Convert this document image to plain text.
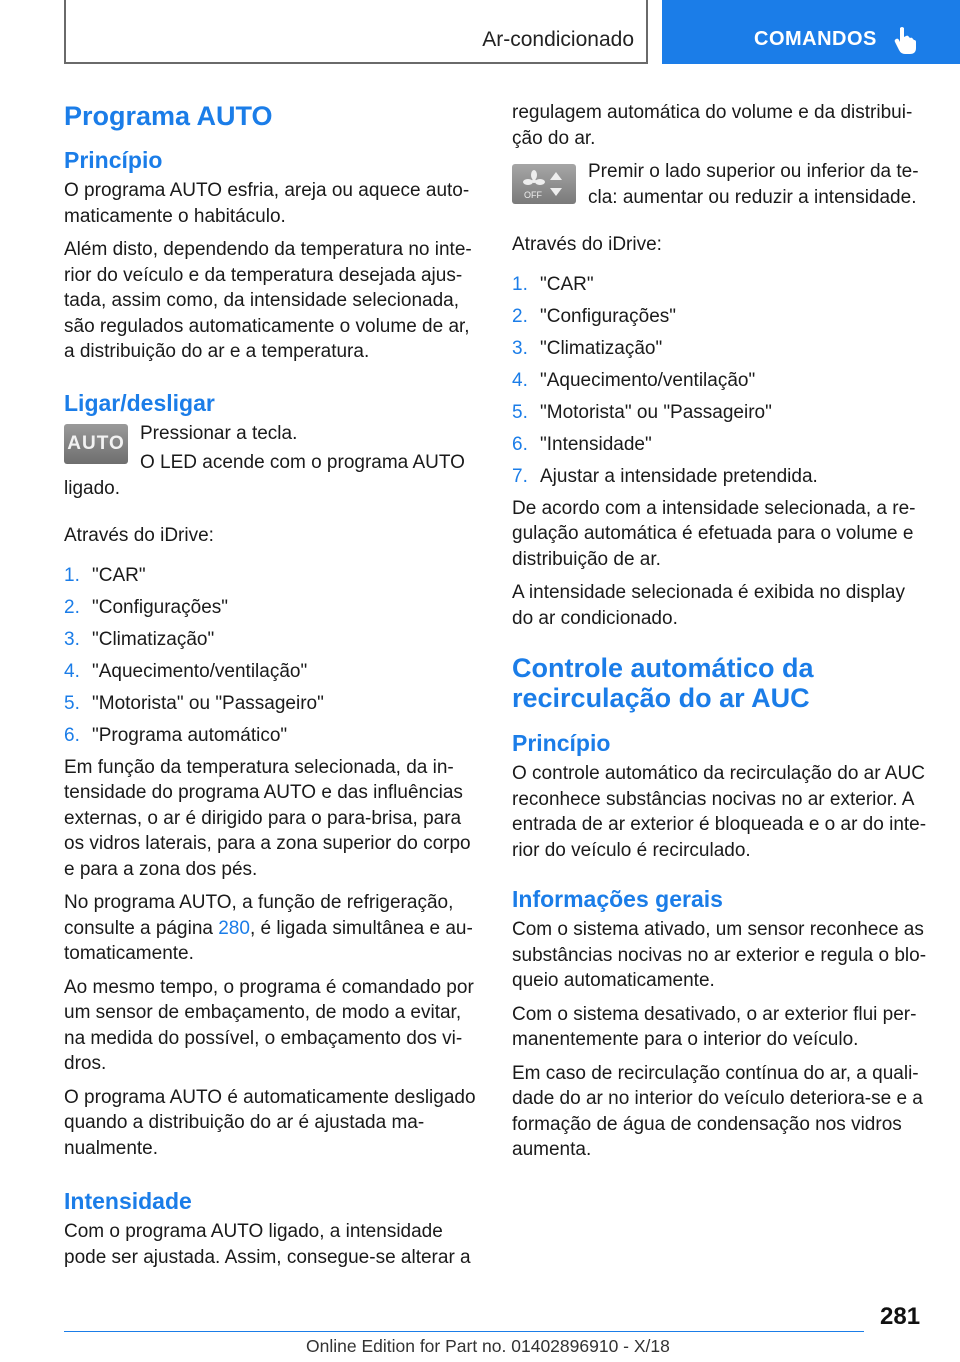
Ar-condicionado	COMANDOS
Programa AUTO
Princípio

O programa AUTO esfria, areja ou aquece automaticamente o habitáculo.

Além disto, dependendo da temperatura no interior do veículo e da temperatura desejada ajustada, assim como, da intensidade selecionada, são regulados automaticamente o volume de ar, a distribuição do ar e a temperatura.

Ligar/desligar
AUTO Pressionar a tecla.

O LED acende com o programa AUTO ligado.

Através do iDrive:

1. "CAR"
2. "Configurações"
3. "Climatização"
4. "Aquecimento/ventilação"
5. "Motorista" ou "Passageiro"
6. "Programa automático"

Em função da temperatura selecionada, da intensidade do programa AUTO e das influências externas, o ar é dirigido para o para-brisa, para os vidros laterais, para a zona superior do corpo e para a zona dos pés.

No programa AUTO, a função de refrigeração, consulte a página 280, é ligada simultânea e automaticamente.

Ao mesmo tempo, o programa é comandado por um sensor de embaçamento, de modo a evitar, na medida do possível, o embaçamento dos vidros.

O programa AUTO é automaticamente desligado quando a distribuição do ar é ajustada manualmente.

Intensidade

Com o programa AUTO ligado, a intensidade pode ser ajustada. Assim, consegue-se alterar a

regulagem automática do volume e da distribuição do ar.

OFF

Premir o lado superior ou inferior da tecla: aumentar ou reduzir a intensidade.

Através do iDrive:

1. "CAR"
2. "Configurações"
3. "Climatização"
4. "Aquecimento/ventilação"
5. "Motorista" ou "Passageiro"
6. "Intensidade"
7. Ajustar a intensidade pretendida.

De acordo com a intensidade selecionada, a regulação automática é efetuada para o volume e distribuição de ar.

A intensidade selecionada é exibida no display do ar condicionado.

Controle automático da recirculação do ar AUC
Princípio

O controle automático da recirculação do ar AUC reconhece substâncias nocivas no ar exterior. A entrada de ar exterior é bloqueada e o ar do interior do veículo é recirculado.

Informações gerais

Com o sistema ativado, um sensor reconhece as substâncias nocivas no ar exterior e regula o bloqueio automaticamente.

Com o sistema desativado, o ar exterior flui permanentemente para o interior do veículo.

Em caso de recirculação contínua do ar, a qualidade do ar no interior do veículo deteriora-se e a formação de água de condensação nos vidros aumenta.

281
Online Edition for Part no. 01402896910 - X/18
